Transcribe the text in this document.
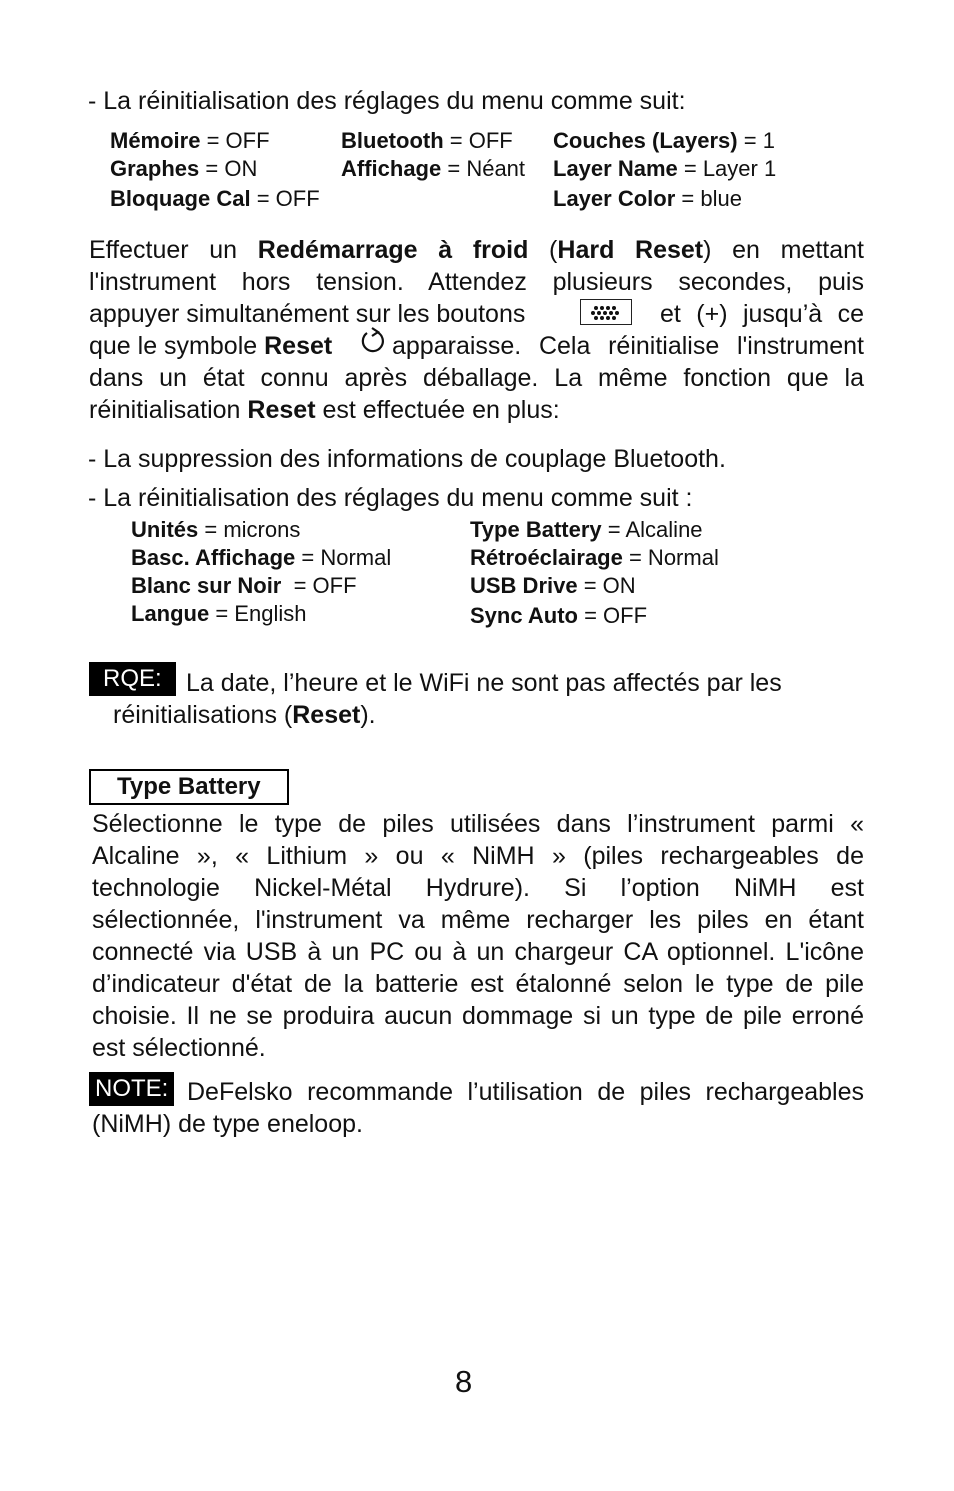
- La réinitialisation des réglages du menu comme suit:
Mémoire = OFF
Graphes = ON
Bloquage Cal = OFF
Bluetooth = OFF
Affichage = Néant
Couches (Layers) = 1
Layer Name = Layer 1
Layer Color = blue
Effectuer un Redémarrage à froid (Hard Reset) en mettant
l'instrument hors tension. Attendez plusieurs secondes, puis
appuyer simultanément sur les boutons	et (+) jusqu’à ce
que le symbole Reset apparaisse. Cela réinitialise l'instrument
dans un état connu après déballage. La même fonction que la
réinitialisation Reset est effectuée en plus:
- La suppression des informations de couplage Bluetooth.
- La réinitialisation des réglages du menu comme suit :
Unités = microns
Basc. Affichage = Normal
Blanc sur Noir  = OFF
Langue = English
Type Battery = Alcaline
Rétroéclairage = Normal
USB Drive = ON
Sync Auto = OFF
RQE: La date, l’heure et le WiFi ne sont pas affectés par les
réinitialisations (Reset).
Type Battery
Sélectionne le type de piles utilisées dans l’instrument parmi «
Alcaline », « Lithium » ou « NiMH » (piles rechargeables de
technologie Nickel-Métal Hydrure). Si l’option NiMH est
sélectionnée, l'instrument va même recharger les piles en étant
connecté via USB à un PC ou à un chargeur CA optionnel. L'icône
d’indicateur d'état de la batterie est étalonné selon le type de pile
choisie. Il ne se produira aucun dommage si un type de pile erroné
est sélectionné.
NOTE: DeFelsko recommande l’utilisation de piles rechargeables
(NiMH) de type eneloop.
8
